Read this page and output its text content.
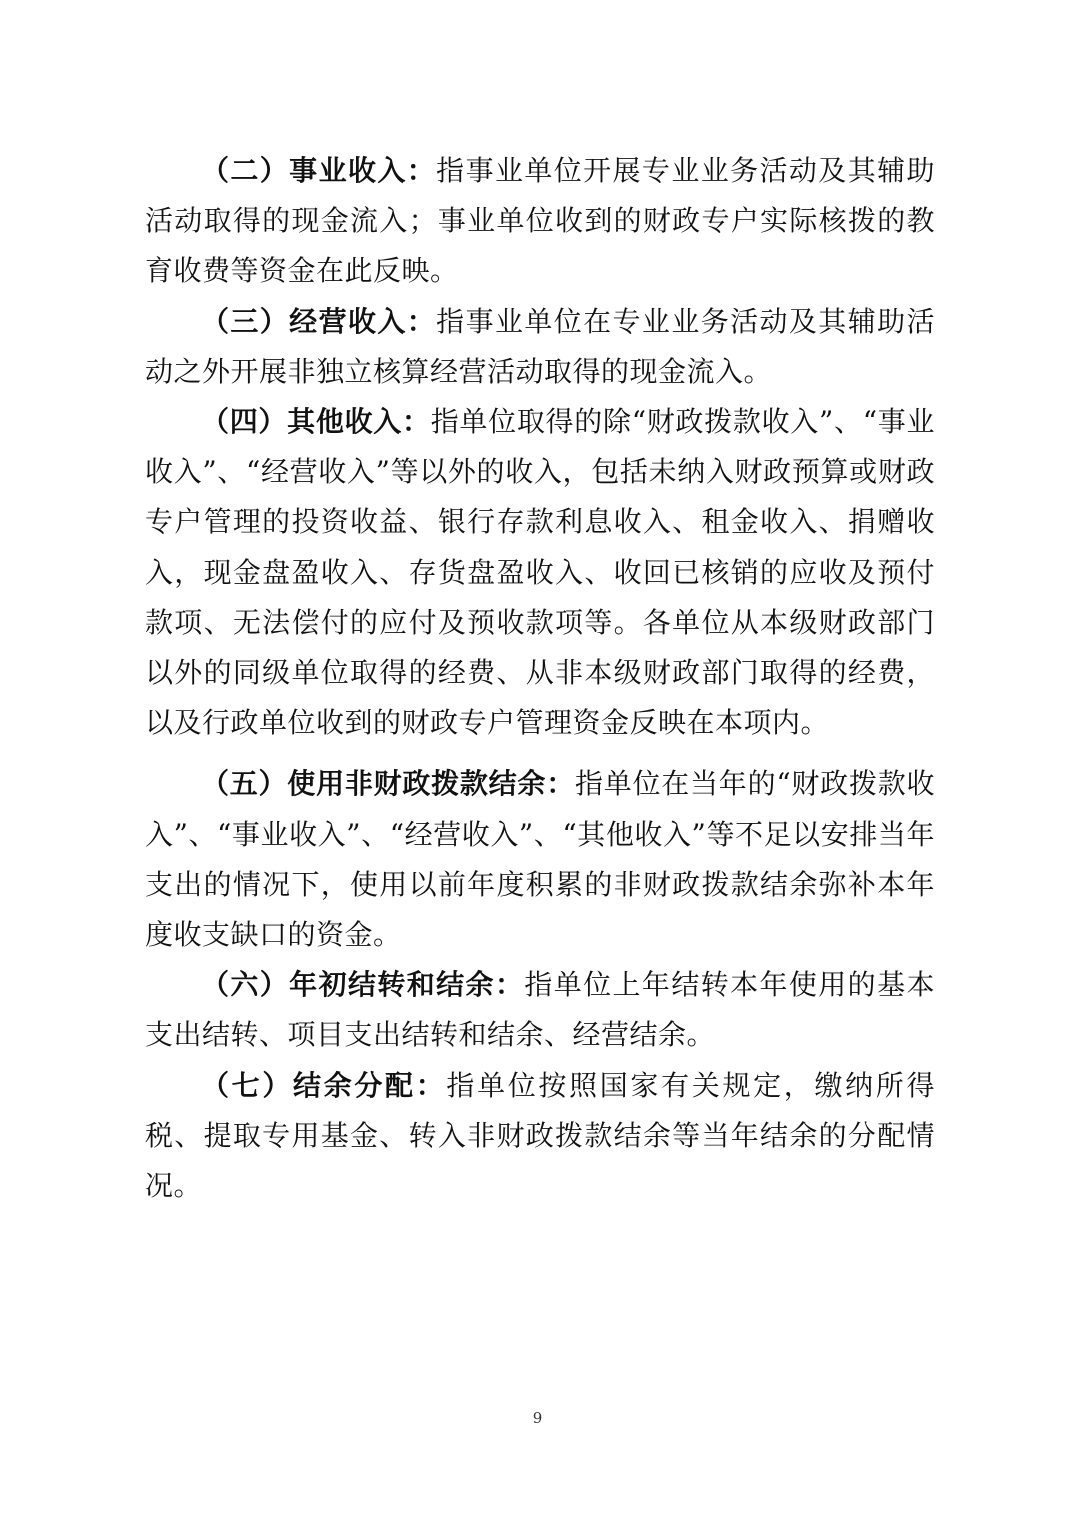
（二）事业收入：指事业单位开展专业业务活动及其辅助活动取得的现金流入；事业单位收到的财政专户实际核拨的教育收费等资金在此反映。

（三）经营收入：指事业单位在专业业务活动及其辅助活动之外开展非独立核算经营活动取得的现金流入。

（四）其他收入：指单位取得的除“财政拨款收入”、“事业收入”、“经营收入”等以外的收入，包括未纳入财政预算或财政专户管理的投资收益、银行存款利息收入、租金收入、捐赠收入，现金盘盈收入、存货盘盈收入、收回已核销的应收及预付款项、无法偿付的应付及预收款项等。各单位从本级财政部门以外的同级单位取得的经费、从非本级财政部门取得的经费，以及行政单位收到的财政专户管理资金反映在本项内。

（五）使用非财政拨款结余：指单位在当年的“财政拨款收入”、“事业收入”、“经营收入”、“其他收入”等不足以安排当年支出的情况下，使用以前年度积累的非财政拨款结余弥补本年度收支缺口的资金。

（六）年初结转和结余：指单位上年结转本年使用的基本支出结转、项目支出结转和结余、经营结余。

（七）结余分配：指单位按照国家有关规定，缴纳所得税、提取专用基金、转入非财政拨款结余等当年结余的分配情况。

9
